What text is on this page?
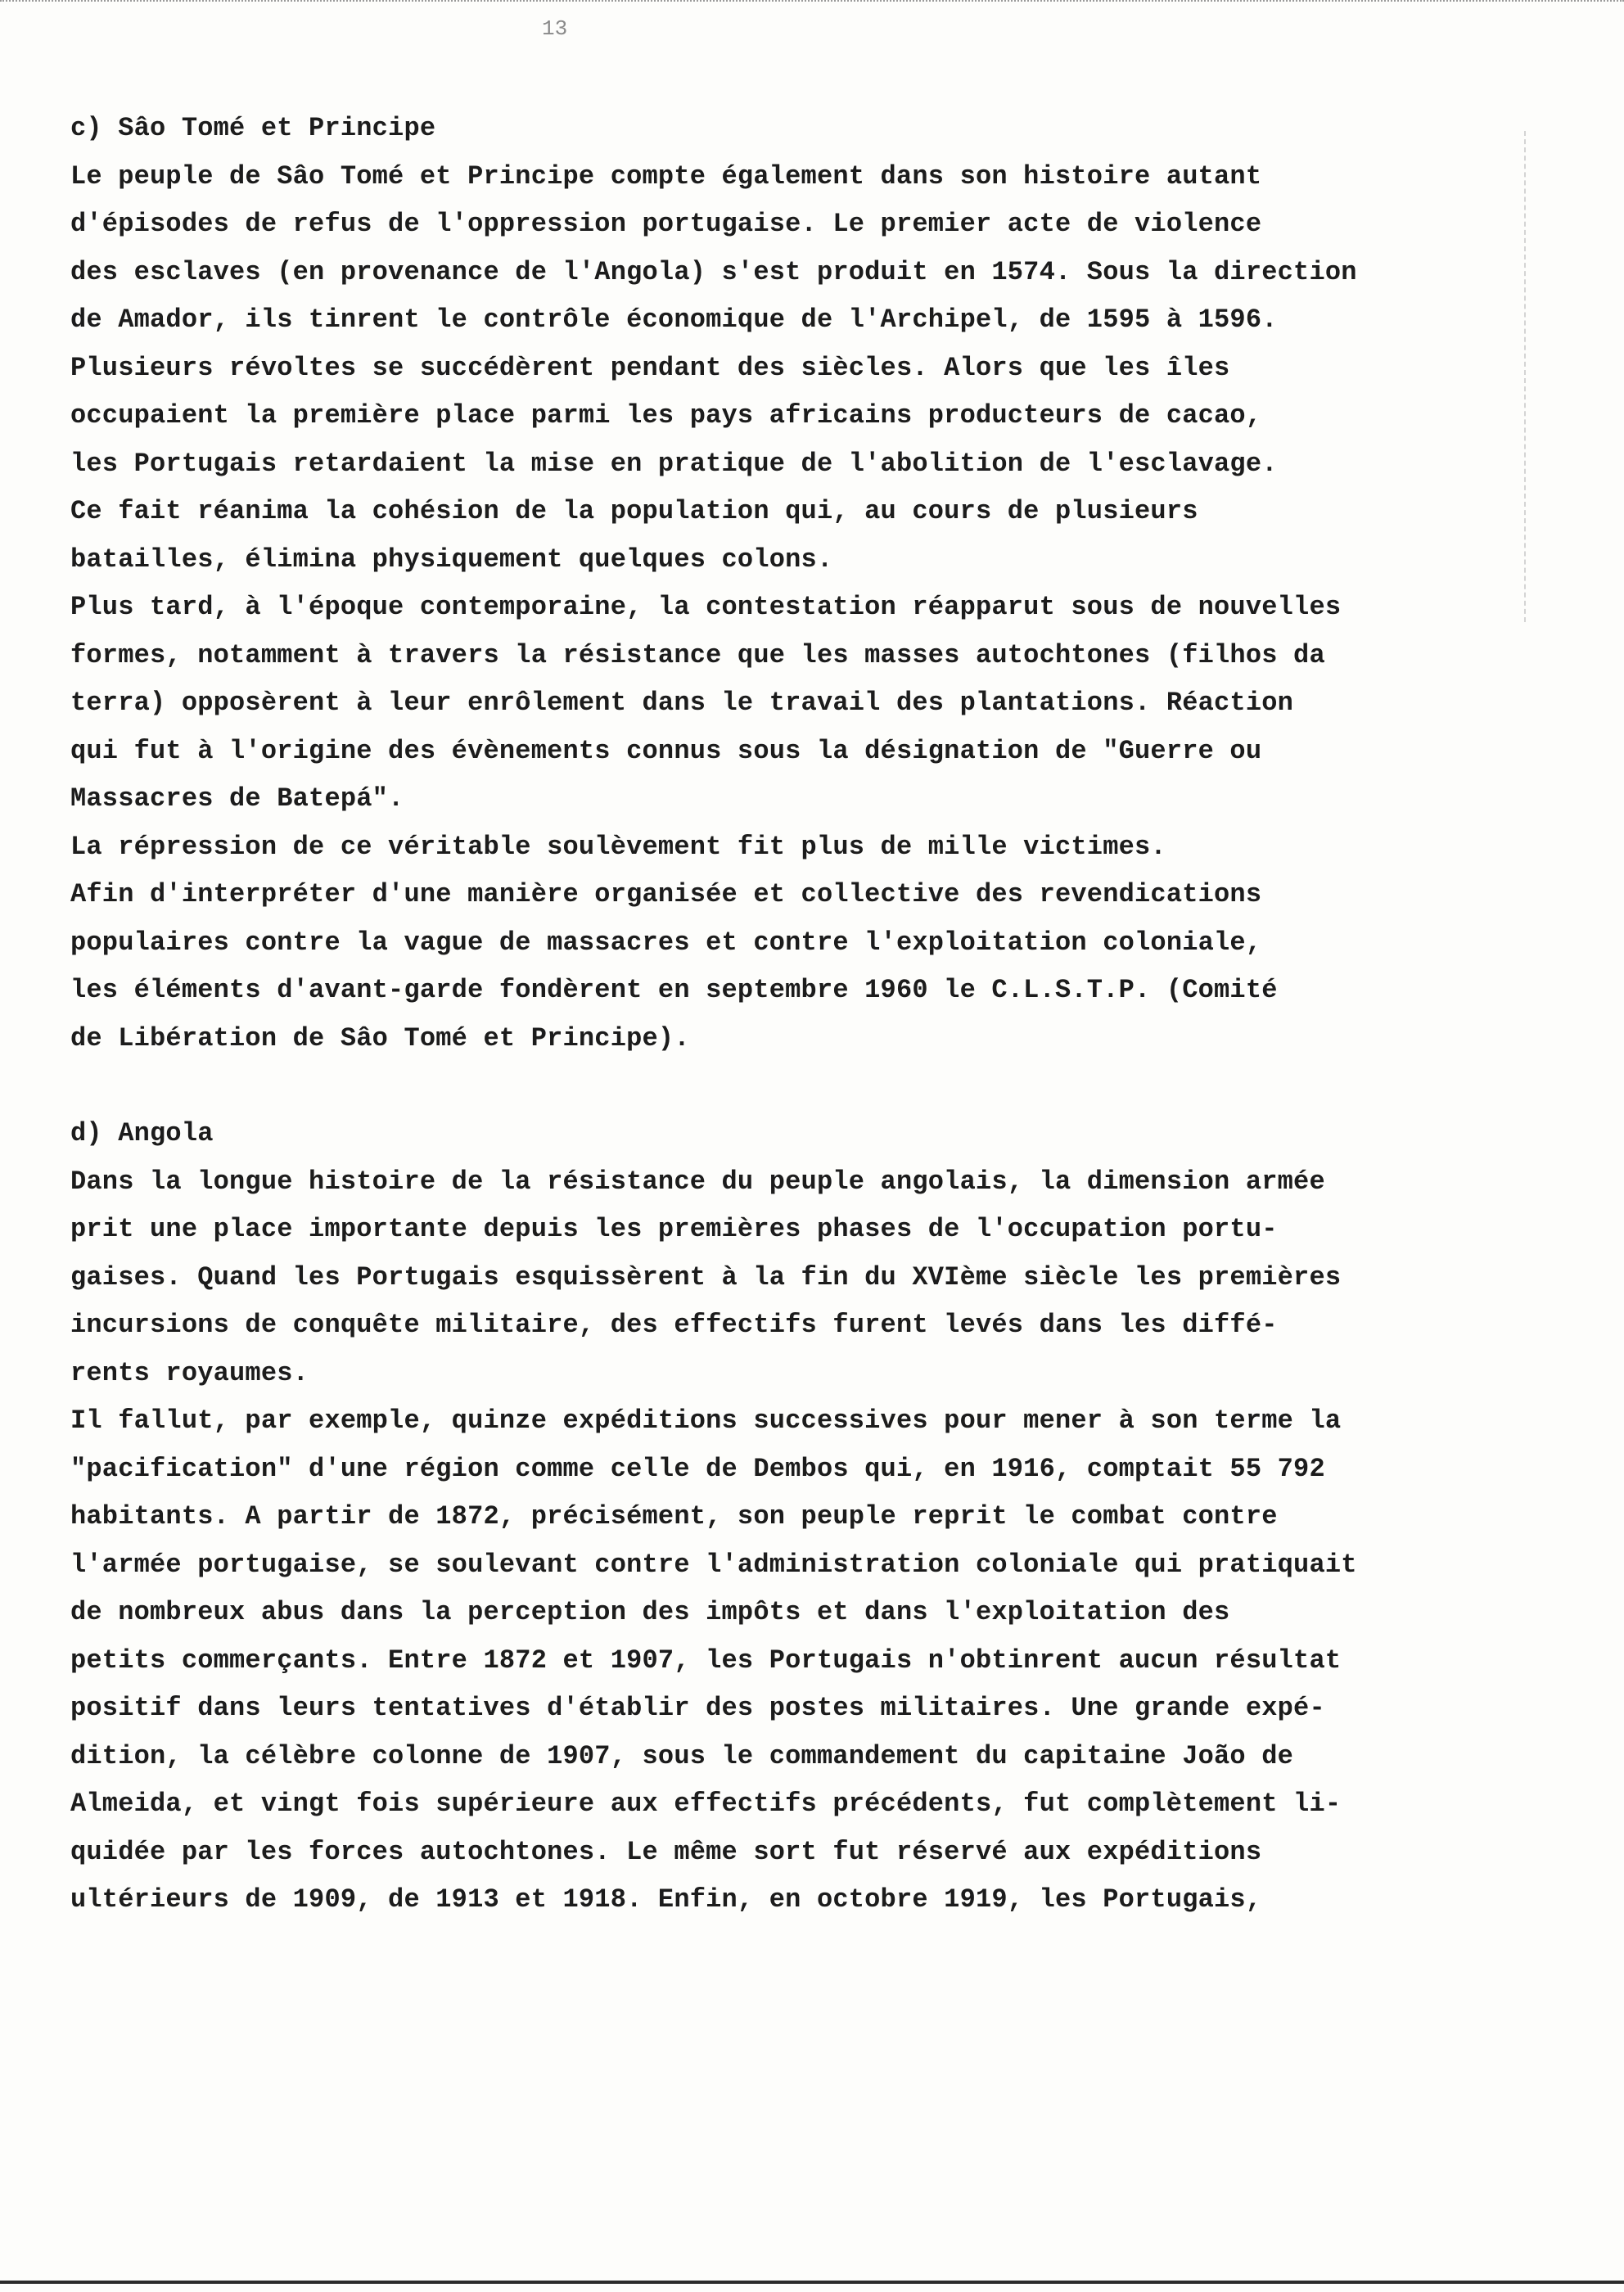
13
c) Sâo Tomé et Principe
Le peuple de Sâo Tomé et Principe compte également dans son histoire autant
d'épisodes de refus de l'oppression portugaise. Le premier acte de violence
des esclaves (en provenance de l'Angola) s'est produit en 1574. Sous la direction
de Amador, ils tinrent le contrôle économique de l'Archipel, de 1595 à 1596.
Plusieurs révoltes se succédèrent pendant des siècles. Alors que les îles
occupaient la première place parmi les pays africains producteurs de cacao,
les Portugais retardaient la mise en pratique de l'abolition de l'esclavage.
Ce fait réanima la cohésion de la population qui, au cours de plusieurs
batailles, élimina physiquement quelques colons.
Plus tard, à l'époque contemporaine, la contestation réapparut sous de nouvelles
formes, notamment à travers la résistance que les masses autochtones (filhos da
terra) opposèrent à leur enrôlement dans le travail des plantations. Réaction
qui fut à l'origine des évènements connus sous la désignation de "Guerre ou
Massacres de Batepá".
La répression de ce véritable soulèvement fit plus de mille victimes.
Afin d'interpréter d'une manière organisée et collective des revendications
populaires contre la vague de massacres et contre l'exploitation coloniale,
les éléments d'avant-garde fondèrent en septembre 1960 le C.L.S.T.P. (Comité
de Libération de Sâo Tomé et Principe).
d) Angola
Dans la longue histoire de la résistance du peuple angolais, la dimension armée
prit une place importante depuis les premières phases de l'occupation portu-
gaises. Quand les Portugais esquissèrent à la fin du XVIème siècle les premières
incursions de conquête militaire, des effectifs furent levés dans les diffé-
rents royaumes.
Il fallut, par exemple, quinze expéditions successives pour mener à son terme la
"pacification" d'une région comme celle de Dembos qui, en 1916, comptait 55 792
habitants. A partir de 1872, précisément, son peuple reprit le combat contre
l'armée portugaise, se soulevant contre l'administration coloniale qui pratiquait
de nombreux abus dans la perception des impôts et dans l'exploitation des
petits commerçants. Entre 1872 et 1907, les Portugais n'obtinrent aucun résultat
positif dans leurs tentatives d'établir des postes militaires. Une grande expé-
dition, la célèbre colonne de 1907, sous le commandement du capitaine João de
Almeida, et vingt fois supérieure aux effectifs précédents, fut complètement li-
quidée par les forces autochtones. Le même sort fut réservé aux expéditions
ultérieurs de 1909, de 1913 et 1918. Enfin, en octobre 1919, les Portugais,
